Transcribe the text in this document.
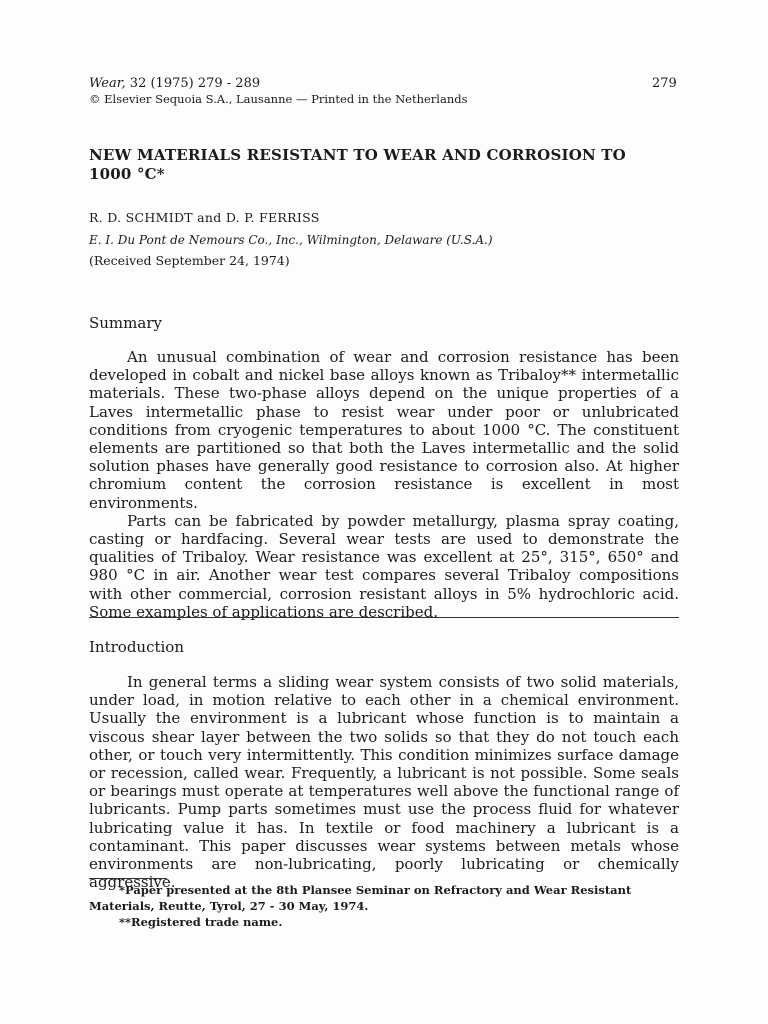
Wear, 32 (1975) 279 - 289	279
© Elsevier Sequoia S.A., Lausanne — Printed in the Netherlands
NEW MATERIALS RESISTANT TO WEAR AND CORROSION TO 1000 °C*
R. D. SCHMIDT and D. P. FERRISS
E. I. Du Pont de Nemours Co., Inc., Wilmington, Delaware (U.S.A.)
(Received September 24, 1974)
Summary

An unusual combination of wear and corrosion resistance has been developed in cobalt and nickel base alloys known as Tribaloy** intermetallic materials. These two-phase alloys depend on the unique properties of a Laves intermetallic phase to resist wear under poor or unlubricated conditions from cryogenic temperatures to about 1000 °C. The constituent elements are partitioned so that both the Laves intermetallic and the solid solution phases have generally good resistance to corrosion also. At higher chromium content the corrosion resistance is excellent in most environments.

Parts can be fabricated by powder metallurgy, plasma spray coating, casting or hardfacing. Several wear tests are used to demonstrate the qualities of Tribaloy. Wear resistance was excellent at 25°, 315°, 650° and 980 °C in air. Another wear test compares several Tribaloy compositions with other commercial, corrosion resistant alloys in 5% hydrochloric acid. Some examples of applications are described.

Introduction

In general terms a sliding wear system consists of two solid materials, under load, in motion relative to each other in a chemical environment. Usually the environment is a lubricant whose function is to maintain a viscous shear layer between the two solids so that they do not touch each other, or touch very intermittently. This condition minimizes surface damage or recession, called wear. Frequently, a lubricant is not possible. Some seals or bearings must operate at temperatures well above the functional range of lubricants. Pump parts sometimes must use the process fluid for whatever lubricating value it has. In textile or food machinery a lubricant is a contaminant. This paper discusses wear systems between metals whose environments are non-lubricating, poorly lubricating or chemically aggressive.

*Paper presented at the 8th Plansee Seminar on Refractory and Wear Resistant
Materials, Reutte, Tyrol, 27 - 30 May, 1974.
**Registered trade name.
